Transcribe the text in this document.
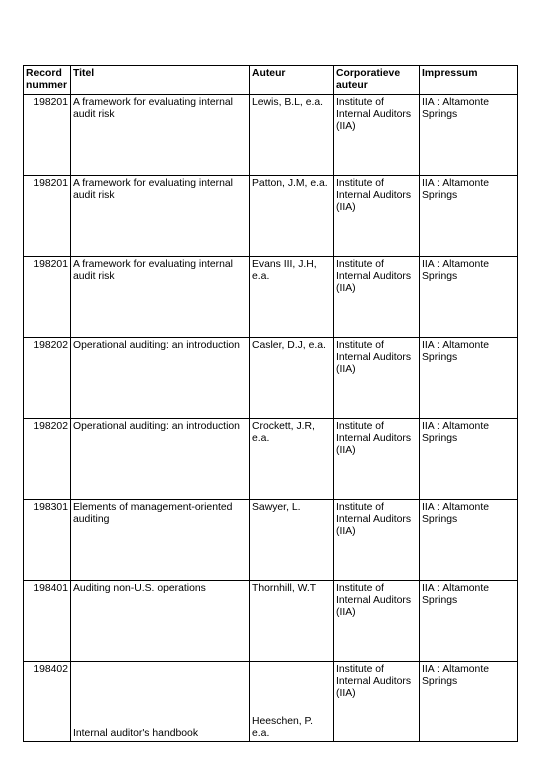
Record nummer	Titel	Auteur	Corporatieve auteur	Impressum
198201	A framework for evaluating internal audit risk	Lewis, B.L, e.a.	Institute of Internal Auditors (IIA)	IIA : Altamonte Springs
198201	A framework for evaluating internal audit risk	Patton, J.M, e.a.	Institute of Internal Auditors (IIA)	IIA : Altamonte Springs
198201	A framework for evaluating internal audit risk	Evans III, J.H, e.a.	Institute of Internal Auditors (IIA)	IIA : Altamonte Springs
198202	Operational auditing: an introduction	Casler, D.J, e.a.	Institute of Internal Auditors (IIA)	IIA : Altamonte Springs
198202	Operational auditing: an introduction	Crockett, J.R, e.a.	Institute of Internal Auditors (IIA)	IIA : Altamonte Springs
198301	Elements of management-oriented auditing	Sawyer, L.	Institute of Internal Auditors (IIA)	IIA : Altamonte Springs
198401	Auditing non-U.S. operations	Thornhill, W.T	Institute of Internal Auditors (IIA)	IIA : Altamonte Springs
198402	Internal auditor's handbook	Heeschen, P. e.a.	Institute of Internal Auditors (IIA)	IIA : Altamonte Springs
